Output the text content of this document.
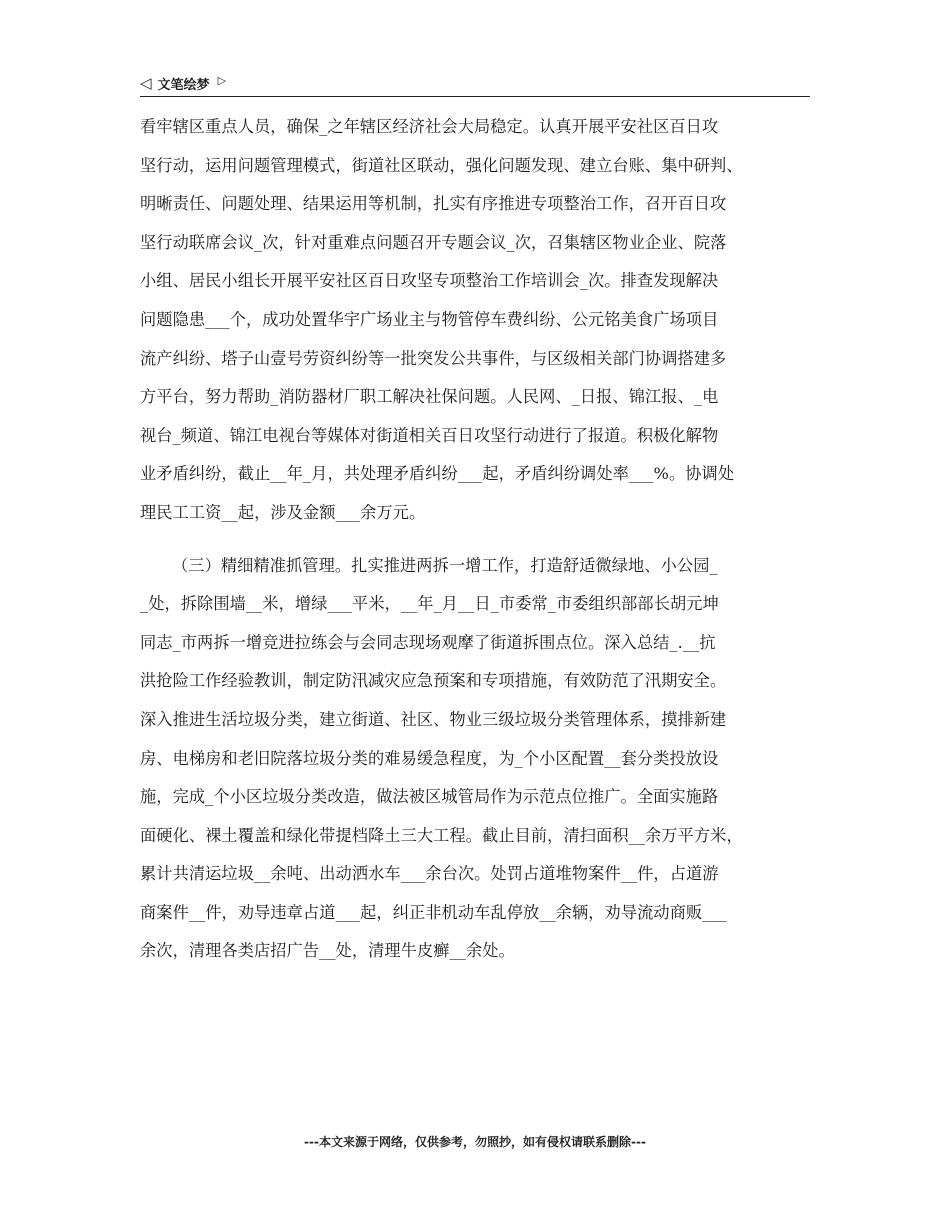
◁ 文笔绘梦 ▷
看牢辖区重点人员，确保_之年辖区经济社会大局稳定。认真开展平安社区百日攻
坚行动，运用问题管理模式，街道社区联动，强化问题发现、建立台账、集中研判、
明晰责任、问题处理、结果运用等机制，扎实有序推进专项整治工作，召开百日攻
坚行动联席会议_次，针对重难点问题召开专题会议_次，召集辖区物业企业、院落
小组、居民小组长开展平安社区百日攻坚专项整治工作培训会_次。排查发现解决
问题隐患___个，成功处置华宇广场业主与物管停车费纠纷、公元铭美食广场项目
流产纠纷、塔子山壹号劳资纠纷等一批突发公共事件，与区级相关部门协调搭建多
方平台，努力帮助_消防器材厂职工解决社保问题。人民网、_日报、锦江报、_电
视台_频道、锦江电视台等媒体对街道相关百日攻坚行动进行了报道。积极化解物
业矛盾纠纷，截止__年_月，共处理矛盾纠纷___起，矛盾纠纷调处率___%。协调处
理民工工资__起，涉及金额___余万元。
（三）精细精准抓管理。扎实推进两拆一增工作，打造舒适微绿地、小公园_
_处，拆除围墙__米，增绿___平米，__年_月__日_市委常_市委组织部部长胡元坤
同志_市两拆一增竞进拉练会与会同志现场观摩了街道拆围点位。深入总结_.__抗
洪抢险工作经验教训，制定防汛减灾应急预案和专项措施，有效防范了汛期安全。
深入推进生活垃圾分类，建立街道、社区、物业三级垃圾分类管理体系，摸排新建
房、电梯房和老旧院落垃圾分类的难易缓急程度，为_个小区配置__套分类投放设
施，完成_个小区垃圾分类改造，做法被区城管局作为示范点位推广。全面实施路
面硬化、裸土覆盖和绿化带提档降土三大工程。截止目前，清扫面积__余万平方米，
累计共清运垃圾__余吨、出动洒水车___余台次。处罚占道堆物案件__件，占道游
商案件__件，劝导违章占道___起，纠正非机动车乱停放__余辆，劝导流动商贩___
余次，清理各类店招广告__处，清理牛皮癣__余处。
---本文来源于网络，仅供参考，勿照抄，如有侵权请联系删除---
